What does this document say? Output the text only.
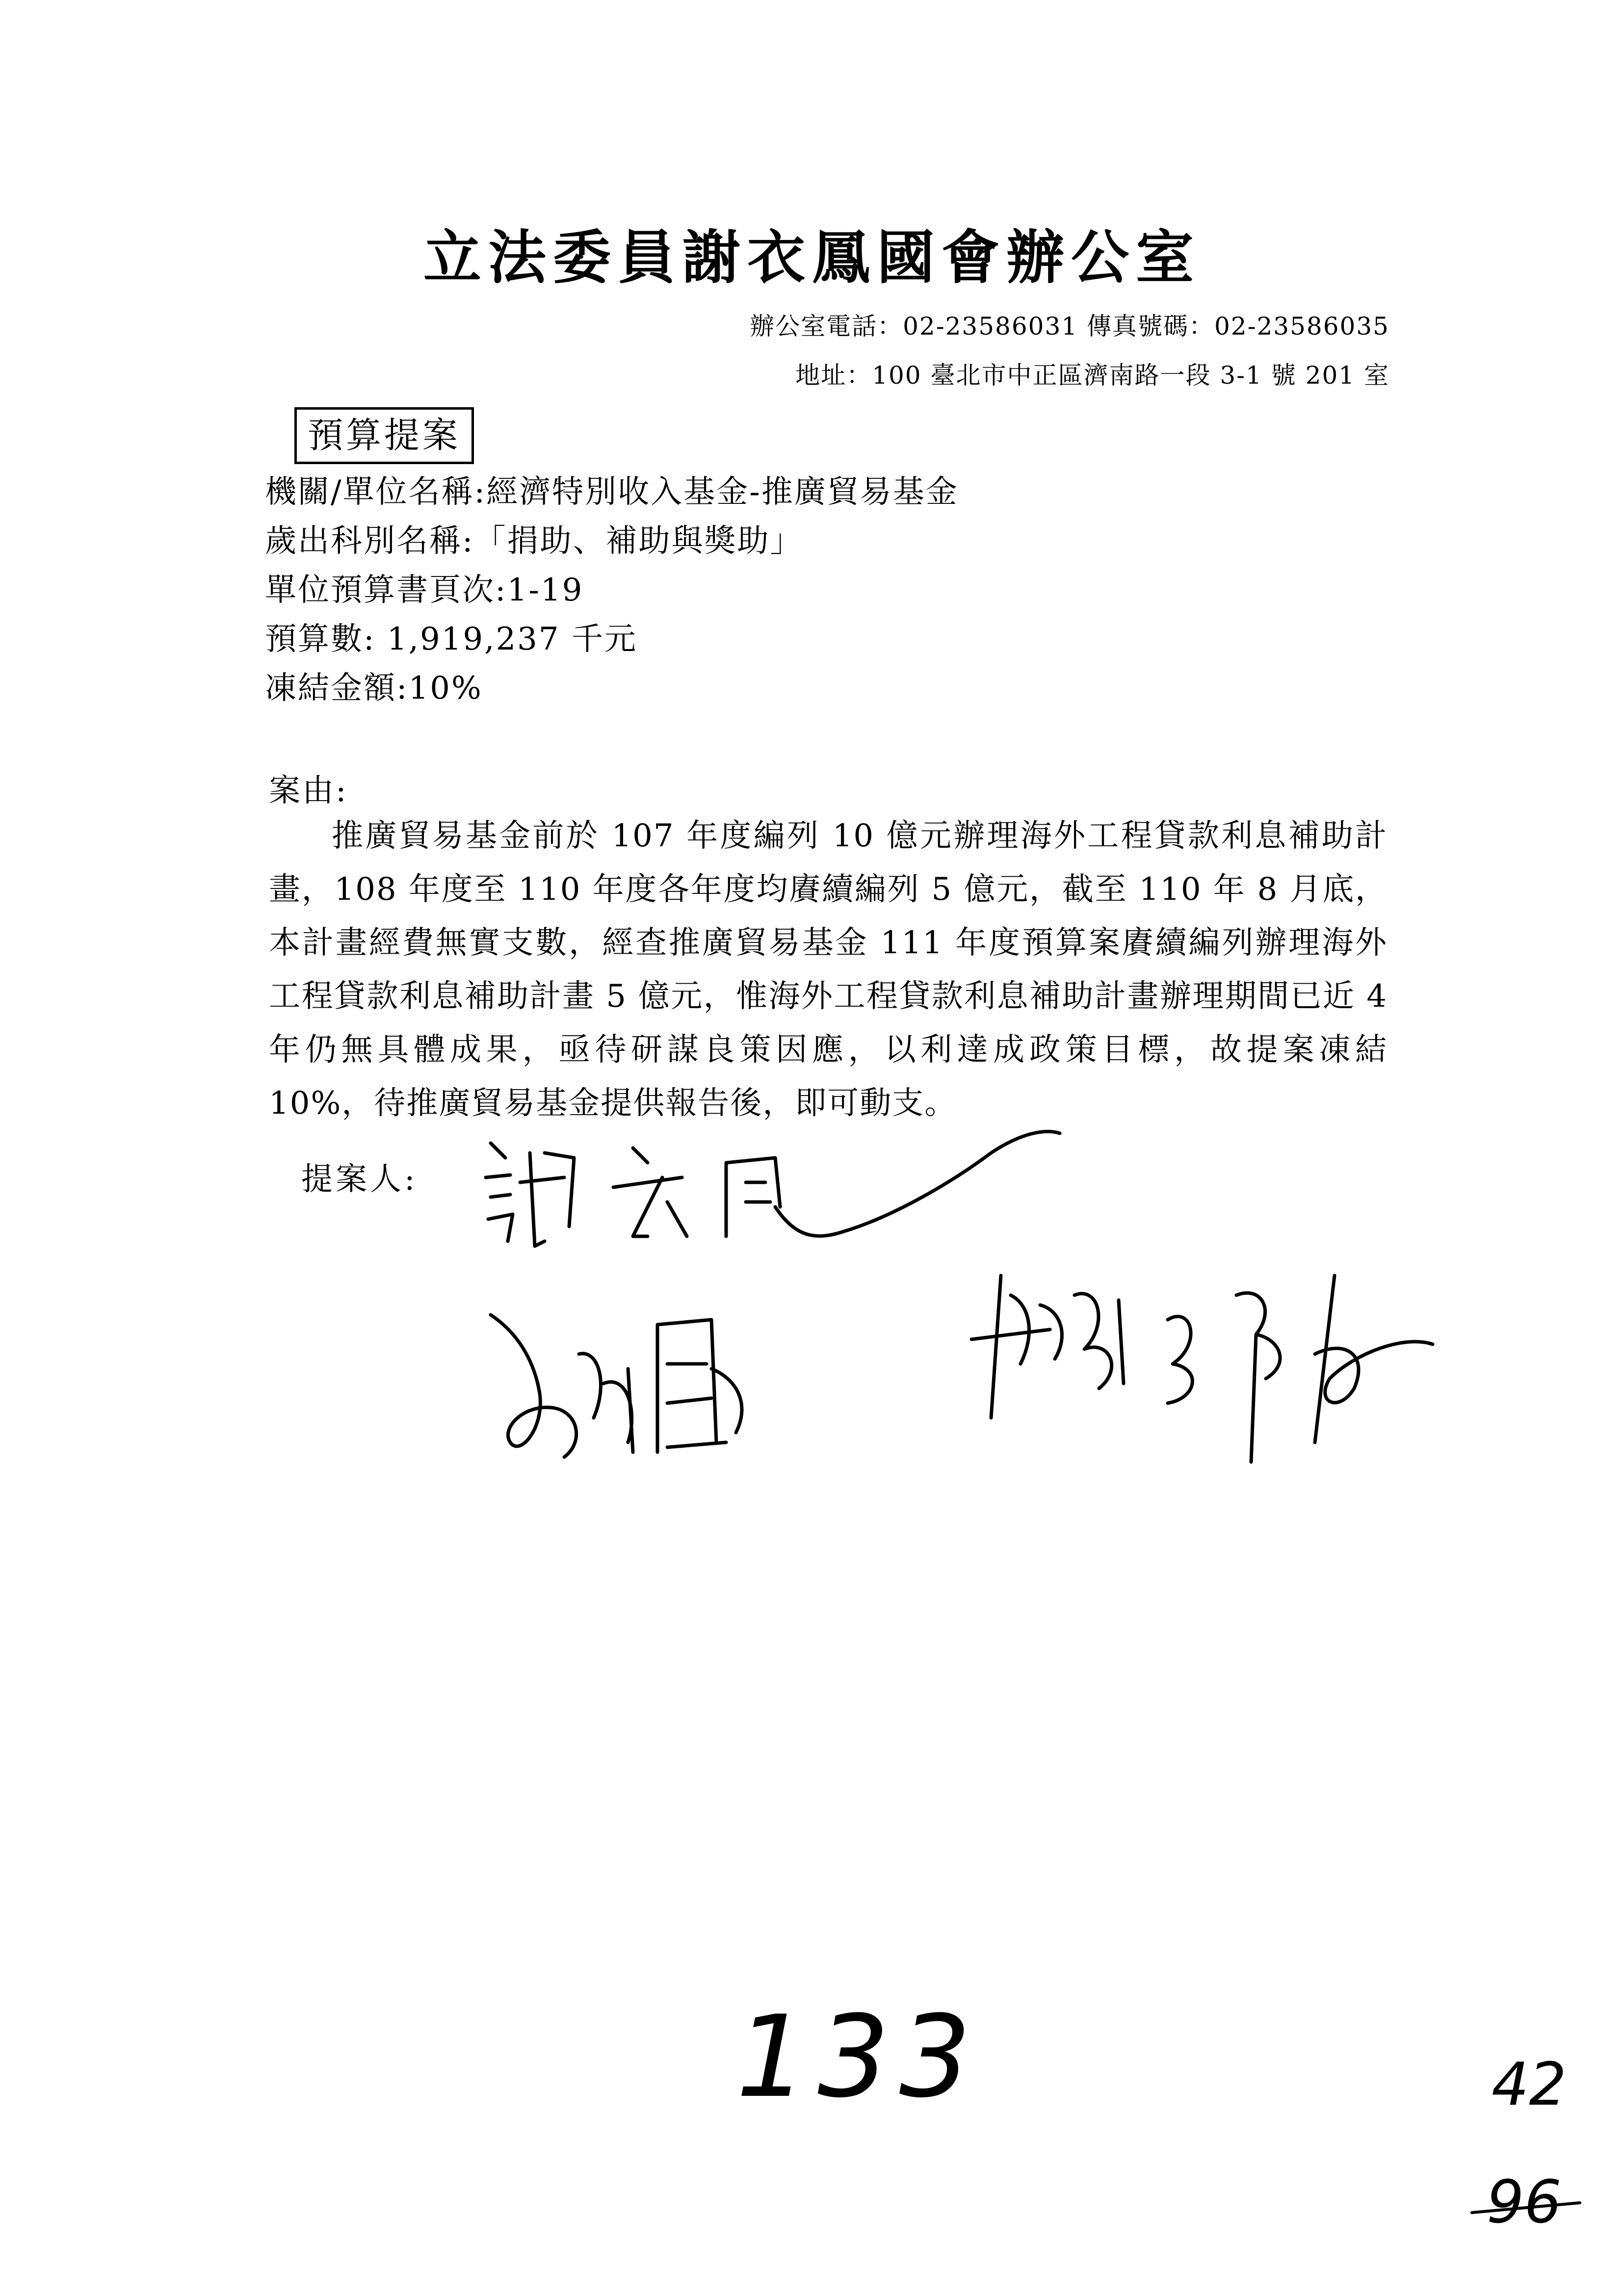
立法委員謝衣鳳國會辦公室
辦公室電話：02-23586031 傳真號碼：02-23586035
地址：100 臺北市中正區濟南路一段 3-1 號 201 室
預算提案
機關/單位名稱:經濟特別收入基金-推廣貿易基金
歲出科別名稱:「捐助、補助與獎助」
單位預算書頁次:1-19
預算數: 1,919,237 千元
凍結金額:10%
案由:
推廣貿易基金前於 107 年度編列 10 億元辦理海外工程貸款利息補助計畫，108 年度至 110 年度各年度均賡續編列 5 億元，截至 110 年 8 月底，本計畫經費無實支數，經查推廣貿易基金 111 年度預算案賡續編列辦理海外工程貸款利息補助計畫 5 億元，惟海外工程貸款利息補助計畫辦理期間已近 4 年仍無具體成果，亟待研謀良策因應，以利達成政策目標，故提案凍結 10%，待推廣貿易基金提供報告後，即可動支。
提案人:
133	42
96
